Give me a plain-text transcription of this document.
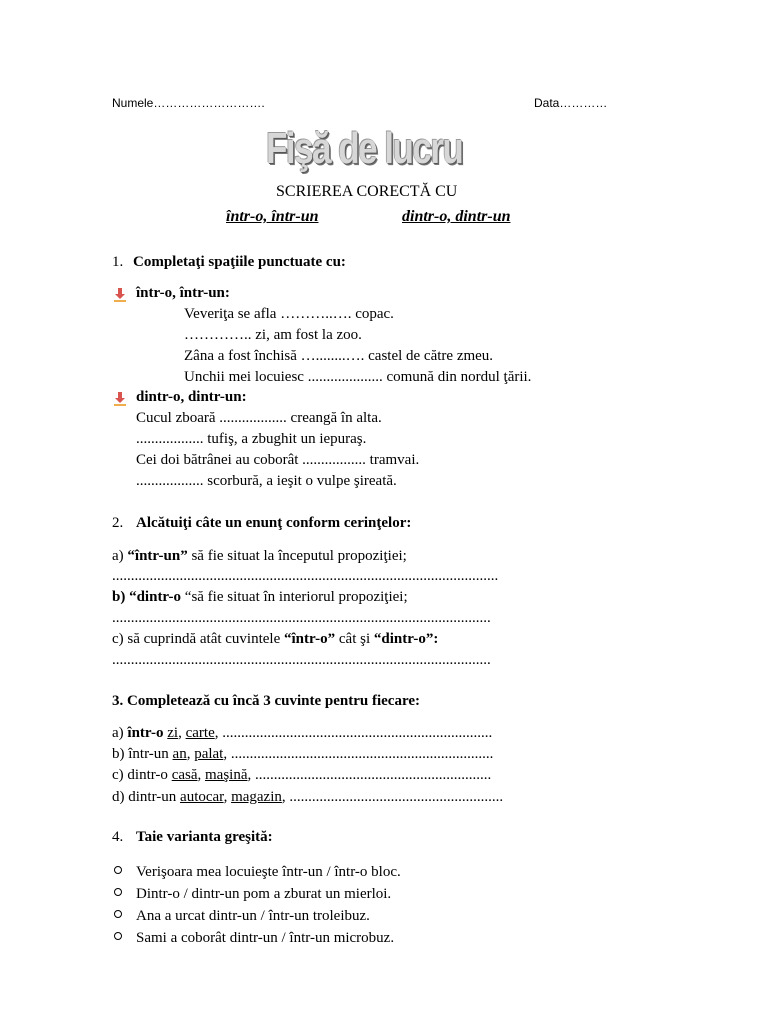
Numele……………………….	Data…………
Fişă de lucru
SCRIEREA CORECTĂ CU
într-o, într-un	dintr-o, dintr-un
1. Completaţi spaţiile punctuate cu:
într-o, într-un:
Veveriţa se afla ………..…. copac.
………….. zi, am fost la zoo.
Zâna a fost închisă …........…. castel de către zmeu.
Unchii mei locuiesc .................... comună din nordul ţării.
dintr-o, dintr-un:
Cucul zboară .................. creangă în alta.
.................. tufiş, a zbughit un iepuraş.
Cei doi bătrânei au coborât ................. tramvai.
.................. scorbură, a ieşit o vulpe şireată.
2. Alcătuiţi câte un enunţ conform cerinţelor:
a) “într-un” să fie situat la începutul propoziţiei;
.......................................................................................................
b) “dintr-o “să fie situat în interiorul propoziţiei;
.....................................................................................................
c) să cuprindă atât cuvintele “într-o” cât şi “dintr-o”:
.....................................................................................................
3. Completează cu încă 3 cuvinte pentru fiecare:
a) într-o zi, carte, ........................................................................
b) într-un an, palat, ......................................................................
c) dintr-o casă, maşină, ...............................................................
d) dintr-un autocar, magazin, .........................................................
4. Taie varianta greşită:
Verişoara mea locuieşte într-un / într-o bloc.
Dintr-o / dintr-un pom a zburat un mierloi.
Ana a urcat dintr-un / într-un troleibuz.
Sami a coborât dintr-un / într-un microbuz.
